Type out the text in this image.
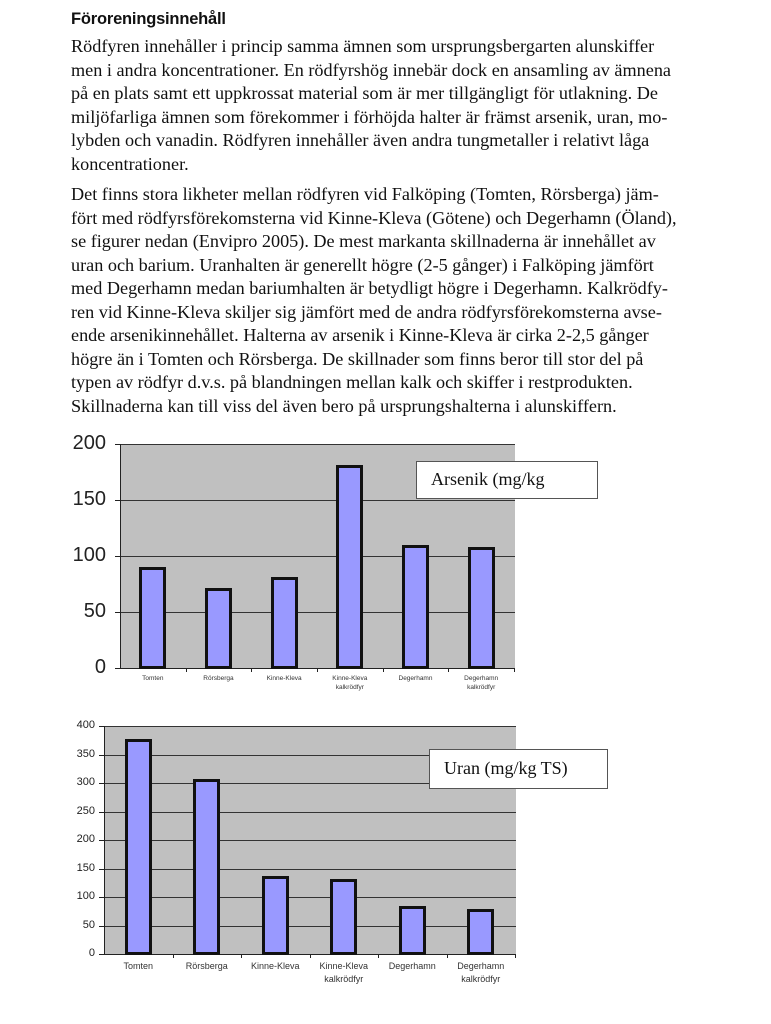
Föroreningsinnehåll
Rödfyren innehåller i princip samma ämnen som ursprungsbergarten alunskiffer
men i andra koncentrationer. En rödfyrshög innebär dock en ansamling av ämnena
på en plats samt ett uppkrossat material som är mer tillgängligt för utlakning. De
miljöfarliga ämnen som förekommer i förhöjda halter är främst arsenik, uran, mo-
lybden och vanadin. Rödfyren innehåller även andra tungmetaller i relativt låga
koncentrationer.
Det finns stora likheter mellan rödfyren vid Falköping (Tomten, Rörsberga) jäm-
fört med rödfyrsförekomsterna vid Kinne-Kleva (Götene) och Degerhamn (Öland),
se figurer nedan (Envipro 2005). De mest markanta skillnaderna är innehållet av
uran och barium. Uranhalten är generellt högre (2-5 gånger) i Falköping jämfört
med Degerhamn medan bariumhalten är betydligt högre i Degerhamn. Kalkrödfy-
ren vid Kinne-Kleva skiljer sig jämfört med de andra rödfyrsförekomsterna avse-
ende arsenikinnehållet. Halterna av arsenik i Kinne-Kleva är cirka 2-2,5 gånger
högre än i Tomten och Rörsberga. De skillnader som finns beror till stor del på
typen av rödfyr d.v.s. på blandningen mellan kalk och skiffer i restprodukten.
Skillnaderna kan till viss del även bero på ursprungshalterna i alunskiffern.
0
50
100
150
200
Tomten	Rörsberga	Kinne-Kleva	Kinne-Kleva
kalkrödfyr
Degerhamn	Degerhamn
kalkrödfyr
Arsenik (mg/kg
0
50
100
150
200
250
300
350
400
Tomten	Rörsberga	Kinne-Kleva	Kinne-Kleva
kalkrödfyr
Degerhamn	Degerhamn
kalkrödfyr
Uran (mg/kg TS)
